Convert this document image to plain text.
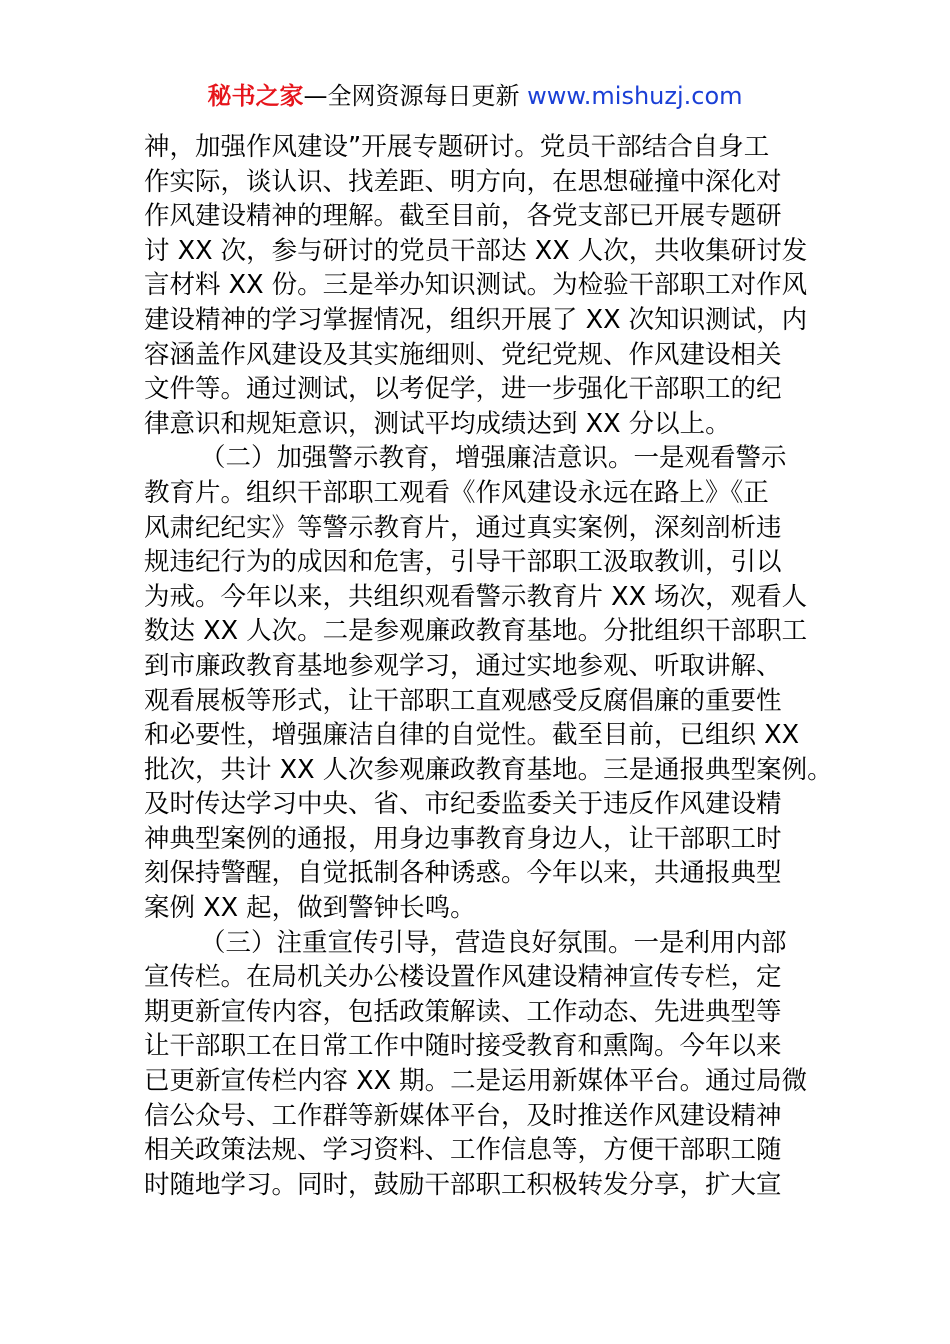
秘书之家—全网资源每日更新 www.mishuzj.com
神，加强作风建设”开展专题研讨。党员干部结合自身工
作实际，谈认识、找差距、明方向，在思想碰撞中深化对
作风建设精神的理解。截至目前，各党支部已开展专题研
讨 XX 次，参与研讨的党员干部达 XX 人次，共收集研讨发
言材料 XX 份。三是举办知识测试。为检验干部职工对作风
建设精神的学习掌握情况，组织开展了 XX 次知识测试，内
容涵盖作风建设及其实施细则、党纪党规、作风建设相关
文件等。通过测试，以考促学，进一步强化干部职工的纪
律意识和规矩意识，测试平均成绩达到 XX 分以上。
（二）加强警示教育，增强廉洁意识。一是观看警示
教育片。组织干部职工观看《作风建设永远在路上》《正
风肃纪纪实》等警示教育片，通过真实案例，深刻剖析违
规违纪行为的成因和危害，引导干部职工汲取教训，引以
为戒。今年以来，共组织观看警示教育片 XX 场次，观看人
数达 XX 人次。二是参观廉政教育基地。分批组织干部职工
到市廉政教育基地参观学习，通过实地参观、听取讲解、
观看展板等形式，让干部职工直观感受反腐倡廉的重要性
和必要性，增强廉洁自律的自觉性。截至目前，已组织 XX
批次，共计 XX 人次参观廉政教育基地。三是通报典型案例。
及时传达学习中央、省、市纪委监委关于违反作风建设精
神典型案例的通报，用身边事教育身边人，让干部职工时
刻保持警醒，自觉抵制各种诱惑。今年以来，共通报典型
案例 XX 起，做到警钟长鸣。
（三）注重宣传引导，营造良好氛围。一是利用内部
宣传栏。在局机关办公楼设置作风建设精神宣传专栏，定
期更新宣传内容，包括政策解读、工作动态、先进典型等
让干部职工在日常工作中随时接受教育和熏陶。今年以来
已更新宣传栏内容 XX 期。二是运用新媒体平台。通过局微
信公众号、工作群等新媒体平台，及时推送作风建设精神
相关政策法规、学习资料、工作信息等，方便干部职工随
时随地学习。同时，鼓励干部职工积极转发分享，扩大宣
